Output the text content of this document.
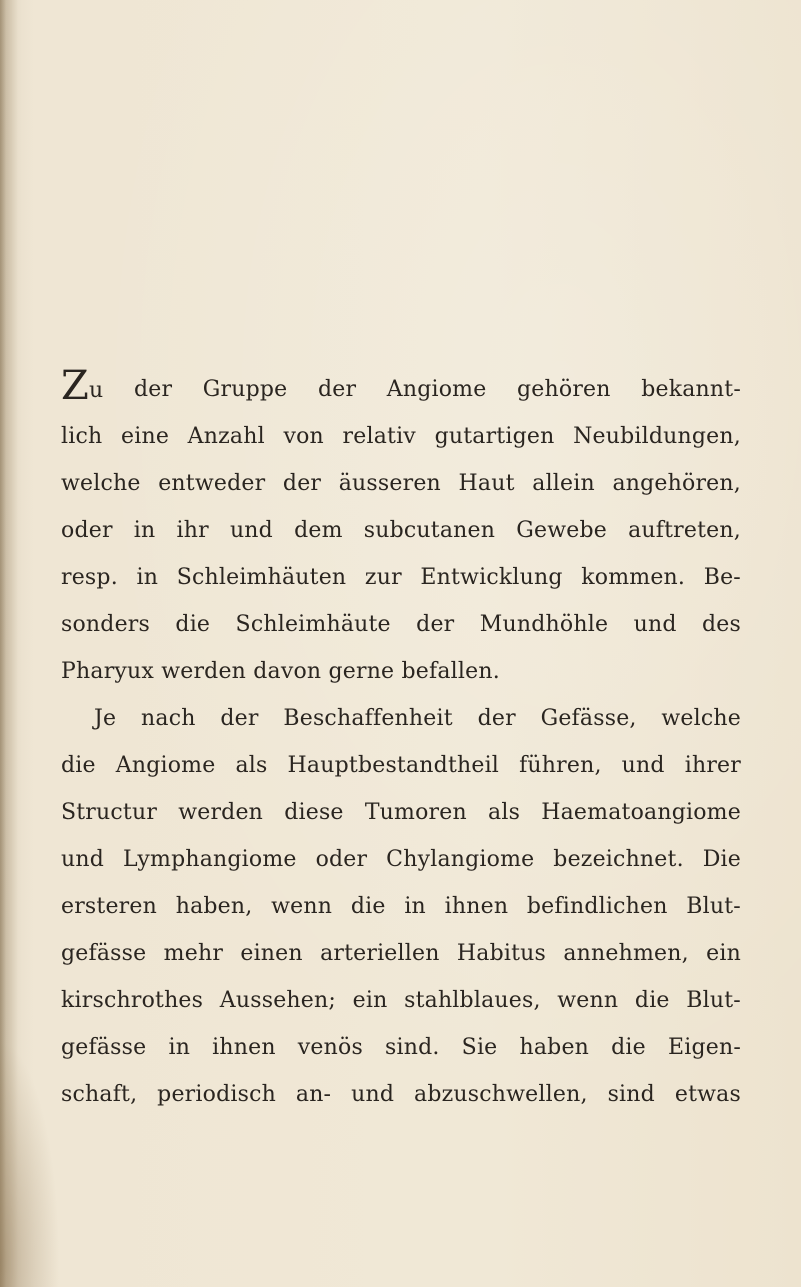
Zu der Gruppe der Angiome gehören bekannt-
lich eine Anzahl von relativ gutartigen Neubildungen,
welche entweder der äusseren Haut allein angehören,
oder in ihr und dem subcutanen Gewebe auftreten,
resp. in Schleimhäuten zur Entwicklung kommen. Be-
sonders die Schleimhäute der Mundhöhle und des
Pharyux werden davon gerne befallen.
Je nach der Beschaffenheit der Gefässe, welche
die Angiome als Hauptbestandtheil führen, und ihrer
Structur werden diese Tumoren als Haematoangiome
und Lymphangiome oder Chylangiome bezeichnet. Die
ersteren haben, wenn die in ihnen befindlichen Blut-
gefässe mehr einen arteriellen Habitus annehmen, ein
kirschrothes Aussehen; ein stahlblaues, wenn die Blut-
gefässe in ihnen venös sind. Sie haben die Eigen-
schaft, periodisch an- und abzuschwellen, sind etwas
